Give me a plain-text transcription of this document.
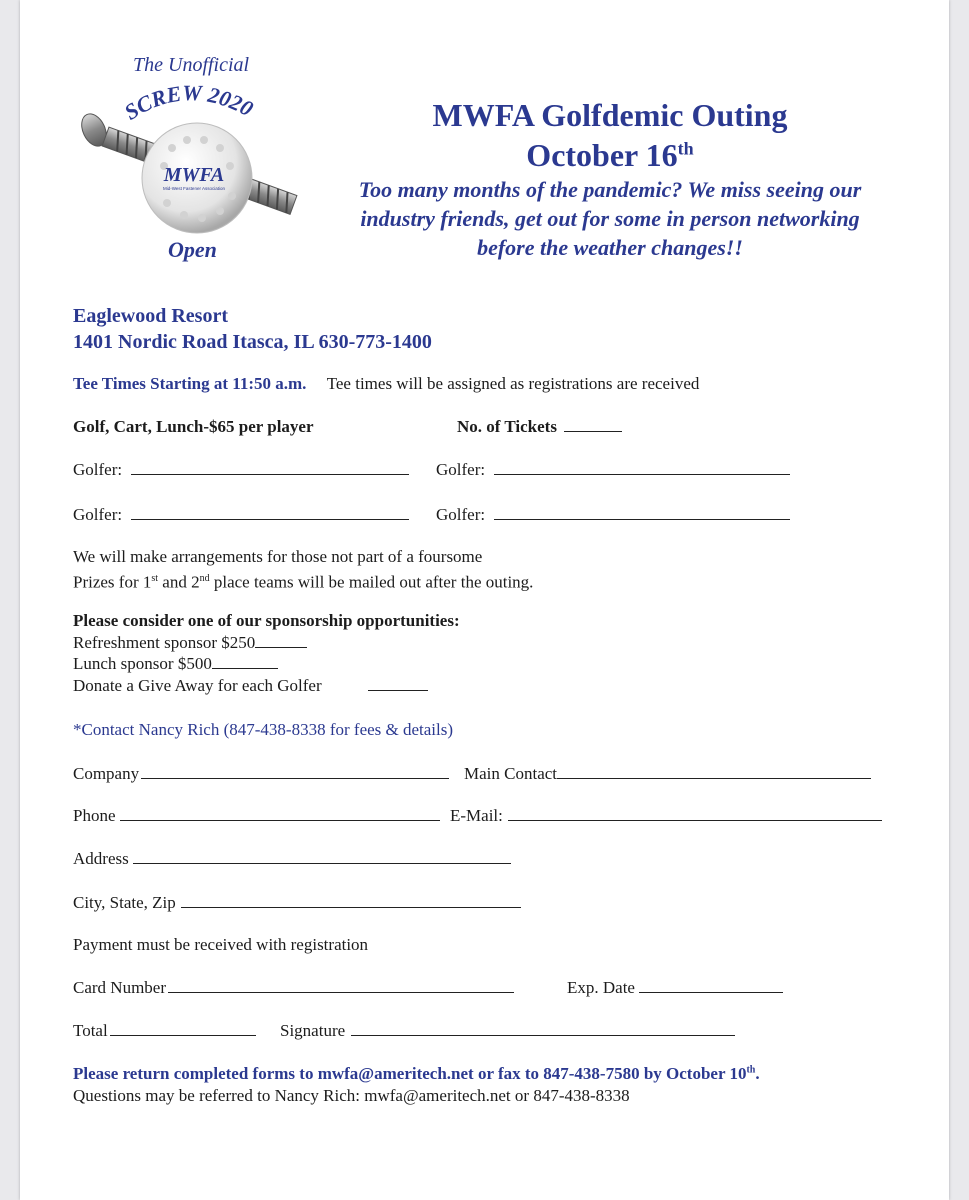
The Unofficial
SCREW 2020
MWFA
Mid-West Fastener Association
Open
MWFA Golfdemic Outing
October 16th
Too many months of the pandemic? We miss seeing our industry friends, get out for some in person networking before the weather changes!!
Eaglewood Resort
1401 Nordic Road Itasca, IL 630-773-1400
Tee Times Starting at 11:50 a.m. Tee times will be assigned as registrations are received
Golf, Cart, Lunch-$65 per player	No. of Tickets
Golfer:	Golfer:
Golfer:	Golfer:
We will make arrangements for those not part of a foursome
Prizes for 1st and 2nd place teams will be mailed out after the outing.
Please consider one of our sponsorship opportunities:
Refreshment sponsor $250
Lunch sponsor $500
Donate a Give Away for each Golfer
*Contact Nancy Rich (847-438-8338 for fees & details)
Company	Main Contact
Phone	E-Mail:
Address
City, State, Zip
Payment must be received with registration
Card Number	Exp. Date
Total	Signature
Please return completed forms to mwfa@ameritech.net or fax to 847-438-7580 by October 10th.
Questions may be referred to Nancy Rich: mwfa@ameritech.net or 847-438-8338
